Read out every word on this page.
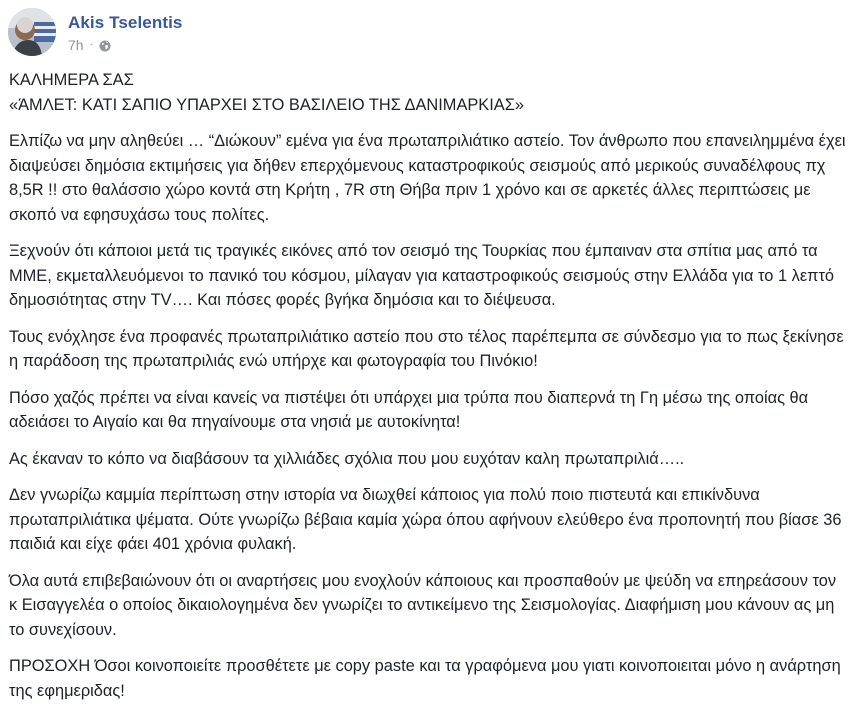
Akis Tselentis
7h ·

ΚΑΛΗΜΕΡΑ ΣΑΣ
«ΆΜΛΕΤ: ΚΑΤΙ ΣΑΠΙΟ ΥΠΑΡΧΕΙ ΣΤΟ ΒΑΣΙΛΕΙΟ ΤΗΣ ΔΑΝΙΜΑΡΚΙΑΣ»

Ελπίζω να μην αληθεύει … “Διώκουν” εμένα για ένα πρωταπριλιάτικο αστείο. Τον άνθρωπο που επανειλημμένα έχει διαψεύσει δημόσια εκτιμήσεις για δήθεν επερχόμενους καταστροφικούς σεισμούς από μερικούς συναδέλφους πχ 8,5R !! στο θαλάσσιο χώρο κοντά στη Κρήτη , 7R στη Θήβα πριν 1 χρόνο και σε αρκετές άλλες περιπτώσεις με σκοπό να εφησυχάσω τους πολίτες.

Ξεχνούν ότι κάποιοι μετά τις τραγικές εικόνες από τον σεισμό της Τουρκίας που έμπαιναν στα σπίτια μας από τα ΜΜΕ, εκμεταλλευόμενοι το πανικό του κόσμου, μίλαγαν για καταστροφικούς σεισμούς στην Ελλάδα για το 1 λεπτό δημοσιότητας στην TV…. Και πόσες φορές βγήκα δημόσια και το διέψευσα.

Τους ενόχλησε ένα προφανές πρωταπριλιάτικο αστείο που στο τέλος παρέπεμπα σε σύνδεσμο για το πως ξεκίνησε η παράδοση της πρωταπριλιάς ενώ υπήρχε και φωτογραφία του Πινόκιο!

Πόσο χαζός πρέπει να είναι κανείς να πιστέψει ότι υπάρχει μια τρύπα που διαπερνά τη Γη μέσω της οποίας θα αδειάσει το Αιγαίο και θα πηγαίνουμε στα νησιά με αυτοκίνητα!

Ας έκαναν το κόπο να διαβάσουν τα χιλλιάδες σχόλια που μου ευχόταν καλη πρωταπριλιά…..

Δεν γνωρίζω καμμία περίπτωση στην ιστορία να διωχθεί κάποιος για πολύ ποιο πιστευτά και επικίνδυνα πρωταπριλιάτικα ψέματα. Ούτε γνωρίζω βέβαια καμία χώρα όπου αφήνουν ελεύθερο ένα προπονητή που βίασε 36 παιδιά και είχε φάει 401 χρόνια φυλακή.

Όλα αυτά επιβεβαιώνουν ότι οι αναρτήσεις μου ενοχλούν κάποιους και προσπαθούν με ψεύδη να επηρεάσουν τον κ Εισαγγελέα ο οποίος δικαιολογημένα δεν γνωρίζει το αντικείμενο της Σεισμολογίας. Διαφήμιση μου κάνουν ας μη το συνεχίσουν.

ΠΡΟΣΟΧΗ Όσοι κοινοποιείτε προσθέτετε με copy paste και τα γραφόμενα μου γιατι κοινοποιειται μόνο η ανάρτηση της εφημεριδας!
